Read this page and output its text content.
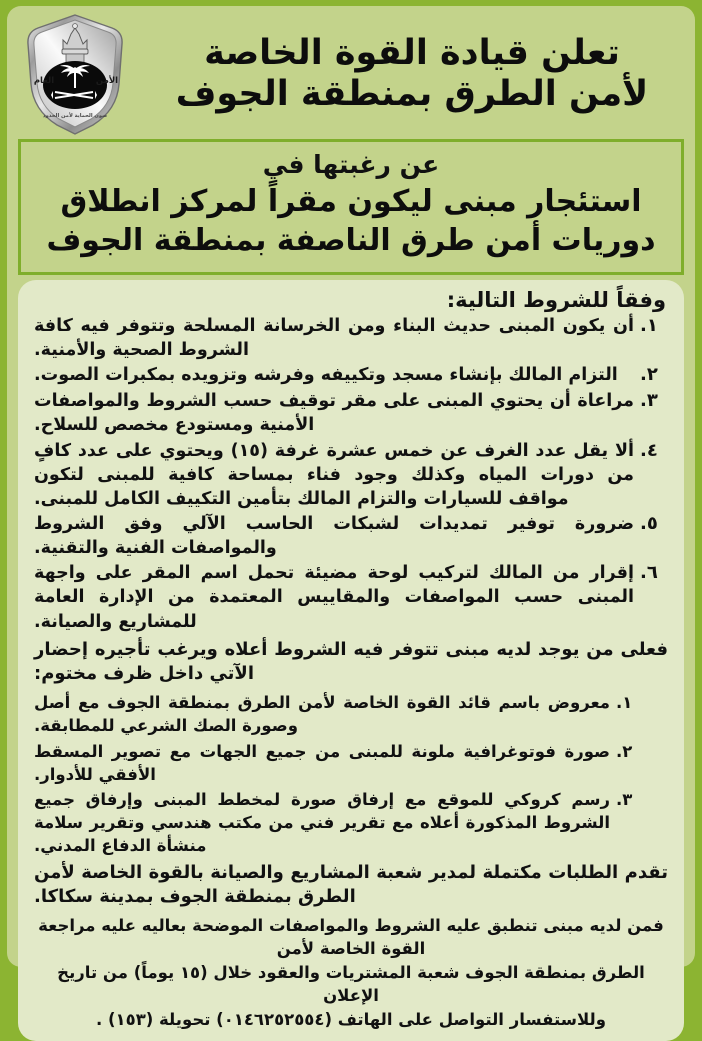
تعلن قيادة القوة الخاصة
لأمن الطرق بمنطقة الجوف
العام	الأمن
صون الحماية لأمن الحدود
عن رغبتها في
استئجار مبنى ليكون مقراً لمركز انطلاق
دوريات أمن طرق الناصفة بمنطقة الجوف
وفقاً للشروط التالية:
١.
أن يكون المبنى حديث البناء ومن الخرسانة المسلحة وتتوفر فيه كافة الشروط الصحية والأمنية.
٢.
التزام المالك بإنشاء مسجد وتكييفه وفرشه وتزويده بمكبرات الصوت.
٣.
مراعاة أن يحتوي المبنى على مقر توقيف حسب الشروط والمواصفات الأمنية ومستودع مخصص للسلاح.
٤.
ألا يقل عدد الغرف عن خمس عشرة غرفة (١٥) ويحتوي على عدد كافٍ من دورات المياه وكذلك وجود فناء بمساحة كافية للمبنى لتكون مواقف للسيارات والتزام المالك بتأمين التكييف الكامل للمبنى.
٥.
ضرورة توفير تمديدات لشبكات الحاسب الآلي وفق الشروط والمواصفات الفنية والتقنية.
٦.
إقرار من المالك لتركيب لوحة مضيئة تحمل اسم المقر على واجهة المبنى حسب المواصفات والمقاييس المعتمدة من الإدارة العامة للمشاريع والصيانة.
فعلى من يوجد لديه مبنى تتوفر فيه الشروط أعلاه ويرغب تأجيره إحضار الآتي داخل ظرف مختوم:
١.
معروض باسم قائد القوة الخاصة لأمن الطرق بمنطقة الجوف مع أصل وصورة الصك الشرعي للمطابقة.
٢.
صورة فوتوغرافية ملونة للمبنى من جميع الجهات مع تصوير المسقط الأفقي للأدوار.
٣.
رسم كروكي للموقع مع إرفاق صورة لمخطط المبنى وإرفاق جميع الشروط المذكورة أعلاه مع تقرير فني من مكتب هندسي وتقرير سلامة منشأة الدفاع المدني.
تقدم الطلبات مكتملة لمدير شعبة المشاريع والصيانة بالقوة الخاصة لأمن الطرق بمنطقة الجوف بمدينة سكاكا.
فمن لديه مبنى تنطبق عليه الشروط والمواصفات الموضحة بعاليه عليه مراجعة القوة الخاصة لأمن
الطرق بمنطقة الجوف شعبة المشتريات والعقود خلال (١٥ يوماً) من تاريخ الإعلان
وللاستفسار التواصل على الهاتف (٠١٤٦٢٥٢٥٥٤) تحويلة (١٥٣) .
